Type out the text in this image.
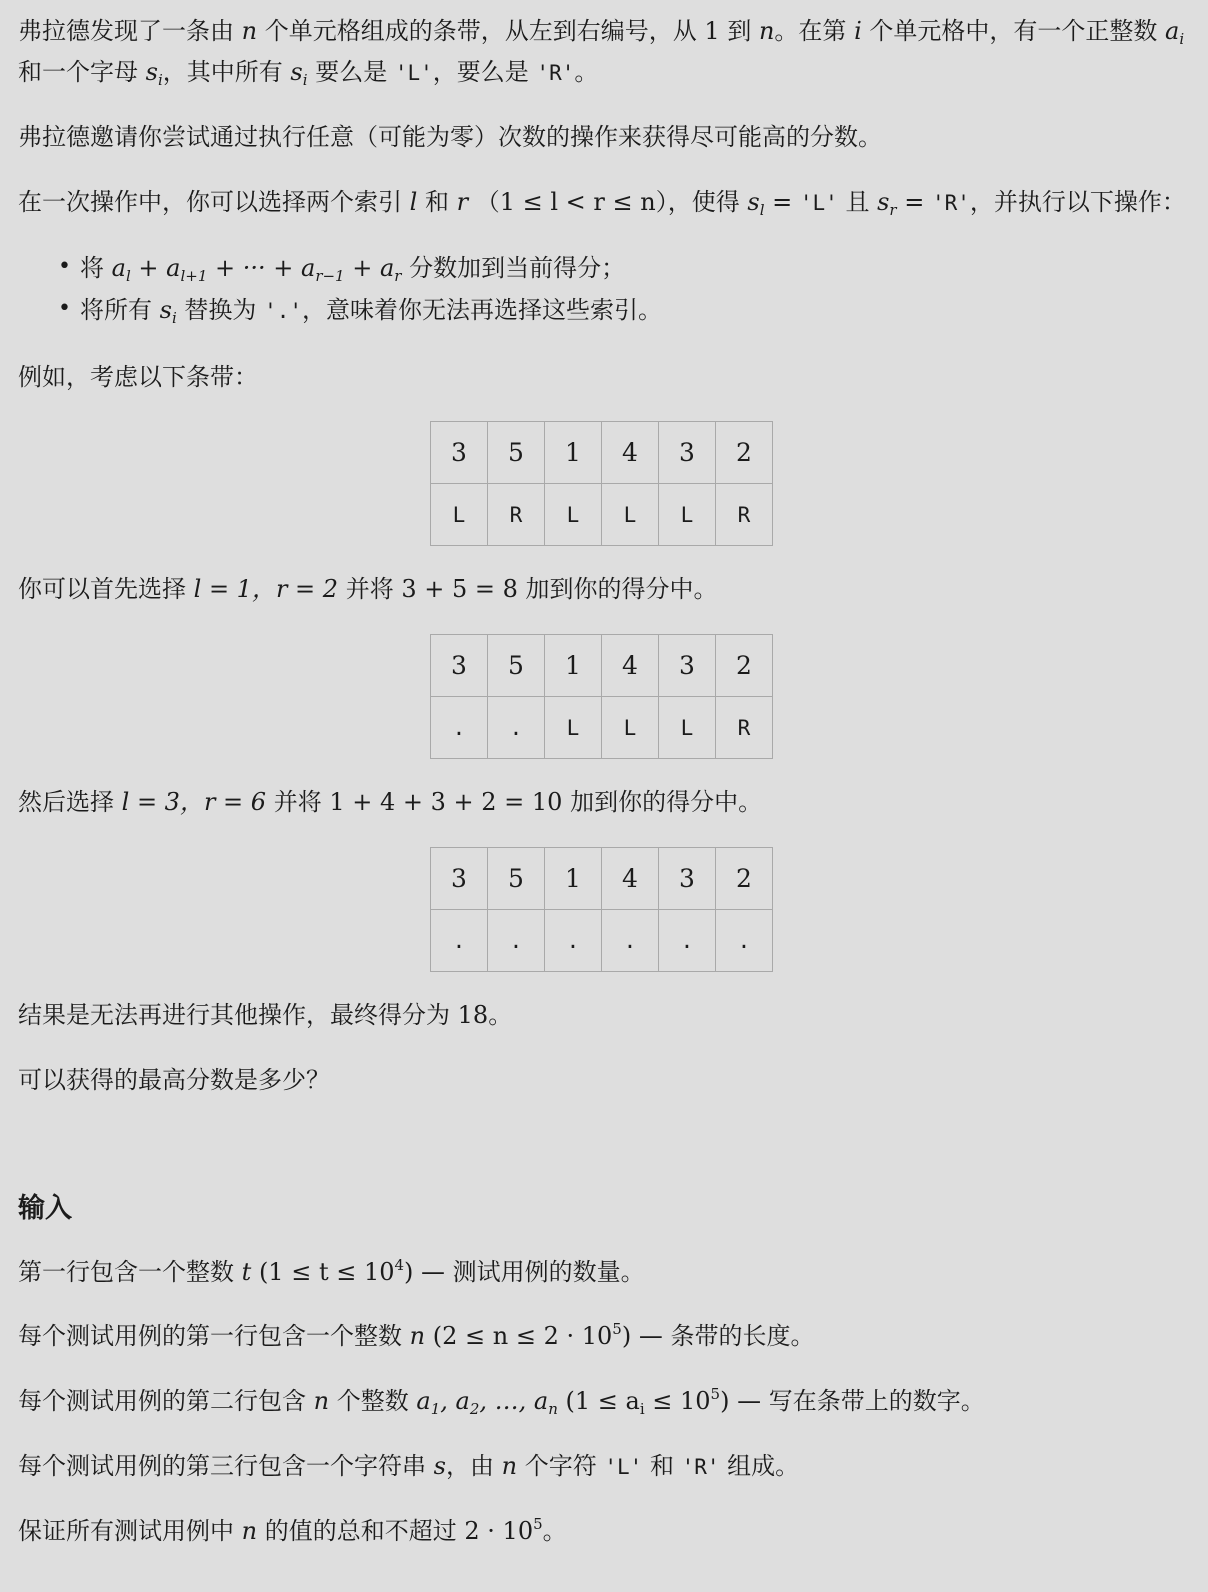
弗拉德发现了一条由 n 个单元格组成的条带，从左到右编号，从 1 到 n。在第 i 个单元格中，有一个正整数 $a_i$
和一个字母 $s_i$，其中所有 $s_i$ 要么是 'L'，要么是 'R'。
弗拉德邀请你尝试通过执行任意（可能为零）次数的操作来获得尽可能高的分数。
在一次操作中，你可以选择两个索引 l 和 r （1 ≤ l < r ≤ n），使得 $s_l$ = 'L' 且 $s_r$ = 'R'，并执行以下操作：
• 将 $a_l + a_{l+1}$ + ··· + $a_{r-1} + a_r$ 分数加到当前得分；
• 将所有 $s_i$ 替换为 '.'，意味着你无法再选择这些索引。
例如，考虑以下条带：
3	5	1	4	3	2
L	R	L	L	L	R
你可以首先选择 l = 1，r = 2 并将 3 + 5 = 8 加到你的得分中。
3	5	1	4	3	2
.	.	L	L	L	R
然后选择 l = 3，r = 6 并将 1 + 4 + 3 + 2 = 10 加到你的得分中。
3	5	1	4	3	2
.	.	.	.	.	.
结果是无法再进行其他操作，最终得分为 18。
可以获得的最高分数是多少？
输入
第一行包含一个整数 t $(1 \le t \le 10^4)$ — 测试用例的数量。
每个测试用例的第一行包含一个整数 n $(2 \le n \le 2 \cdot 10^5)$ — 条带的长度。
每个测试用例的第二行包含 n 个整数 $a_1$, $a_2$, …, $a_n$ $(1 \le a_i \le 10^5)$ — 写在条带上的数字。
每个测试用例的第三行包含一个字符串 s，由 n 个字符 'L' 和 'R' 组成。
保证所有测试用例中 n 的值的总和不超过 $2 \cdot 10^5$。
